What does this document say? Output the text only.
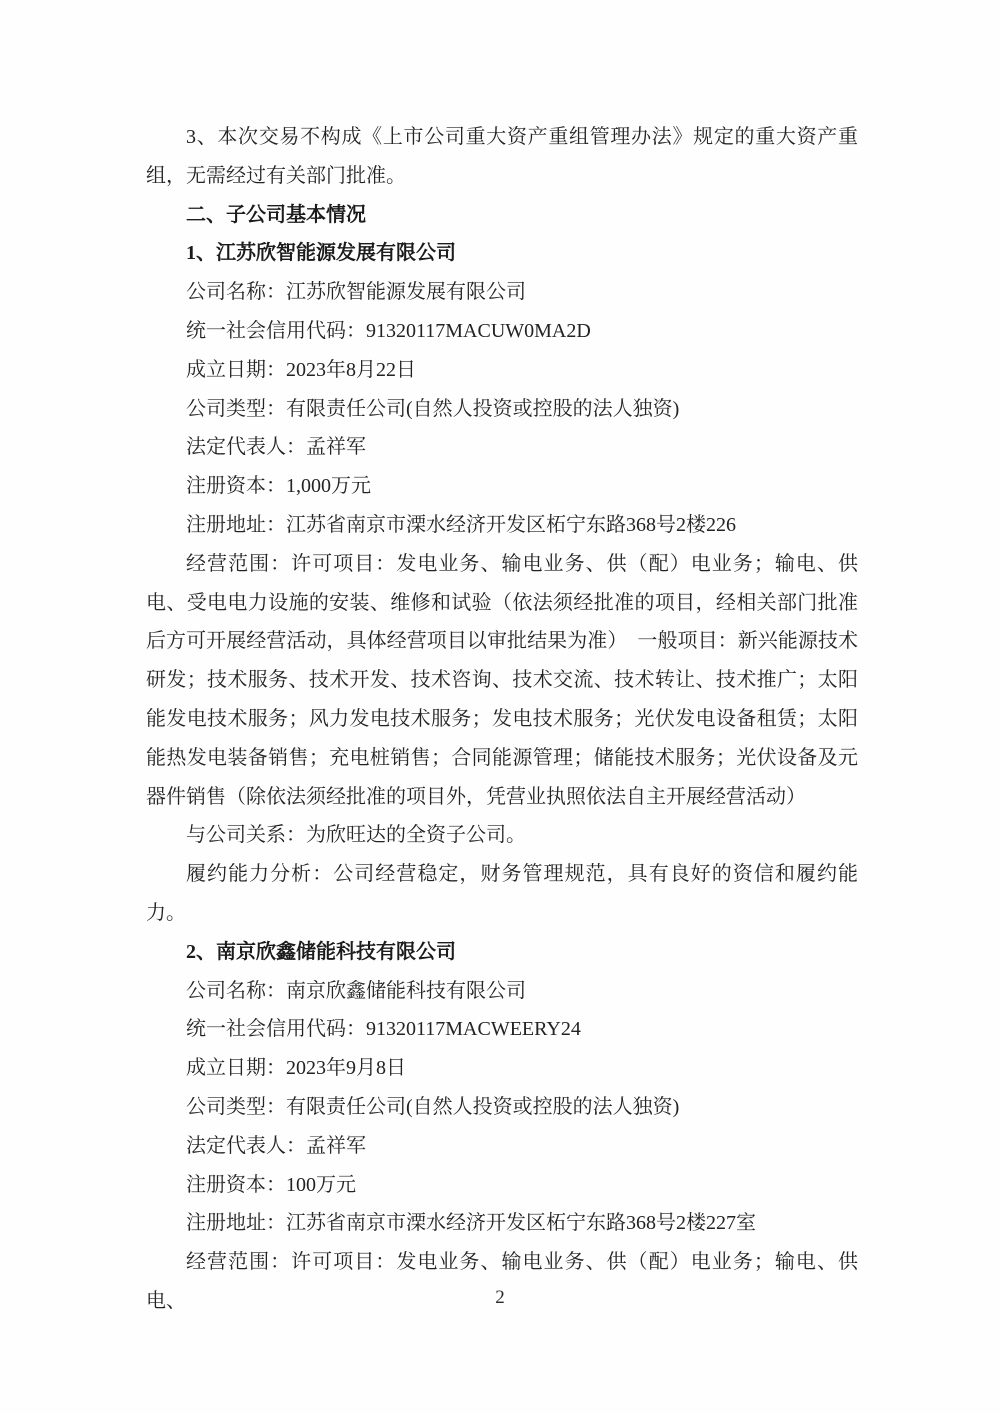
3、本次交易不构成《上市公司重大资产重组管理办法》规定的重大资产重组，无需经过有关部门批准。

二、子公司基本情况

1、江苏欣智能源发展有限公司

公司名称：江苏欣智能源发展有限公司

统一社会信用代码：91320117MACUW0MA2D

成立日期：2023年8月22日

公司类型：有限责任公司(自然人投资或控股的法人独资)

法定代表人：孟祥军

注册资本：1,000万元

注册地址：江苏省南京市溧水经济开发区柘宁东路368号2楼226

经营范围：许可项目：发电业务、输电业务、供（配）电业务；输电、供电、受电电力设施的安装、维修和试验（依法须经批准的项目，经相关部门批准后方可开展经营活动，具体经营项目以审批结果为准）　一般项目：新兴能源技术研发；技术服务、技术开发、技术咨询、技术交流、技术转让、技术推广；太阳能发电技术服务；风力发电技术服务；发电技术服务；光伏发电设备租赁；太阳能热发电装备销售；充电桩销售；合同能源管理；储能技术服务；光伏设备及元器件销售（除依法须经批准的项目外，凭营业执照依法自主开展经营活动）

与公司关系：为欣旺达的全资子公司。

履约能力分析：公司经营稳定，财务管理规范，具有良好的资信和履约能力。

2、南京欣鑫储能科技有限公司

公司名称：南京欣鑫储能科技有限公司

统一社会信用代码：91320117MACWEERY24

成立日期：2023年9月8日

公司类型：有限责任公司(自然人投资或控股的法人独资)

法定代表人：孟祥军

注册资本：100万元

注册地址：江苏省南京市溧水经济开发区柘宁东路368号2楼227室

经营范围：许可项目：发电业务、输电业务、供（配）电业务；输电、供电、	2
